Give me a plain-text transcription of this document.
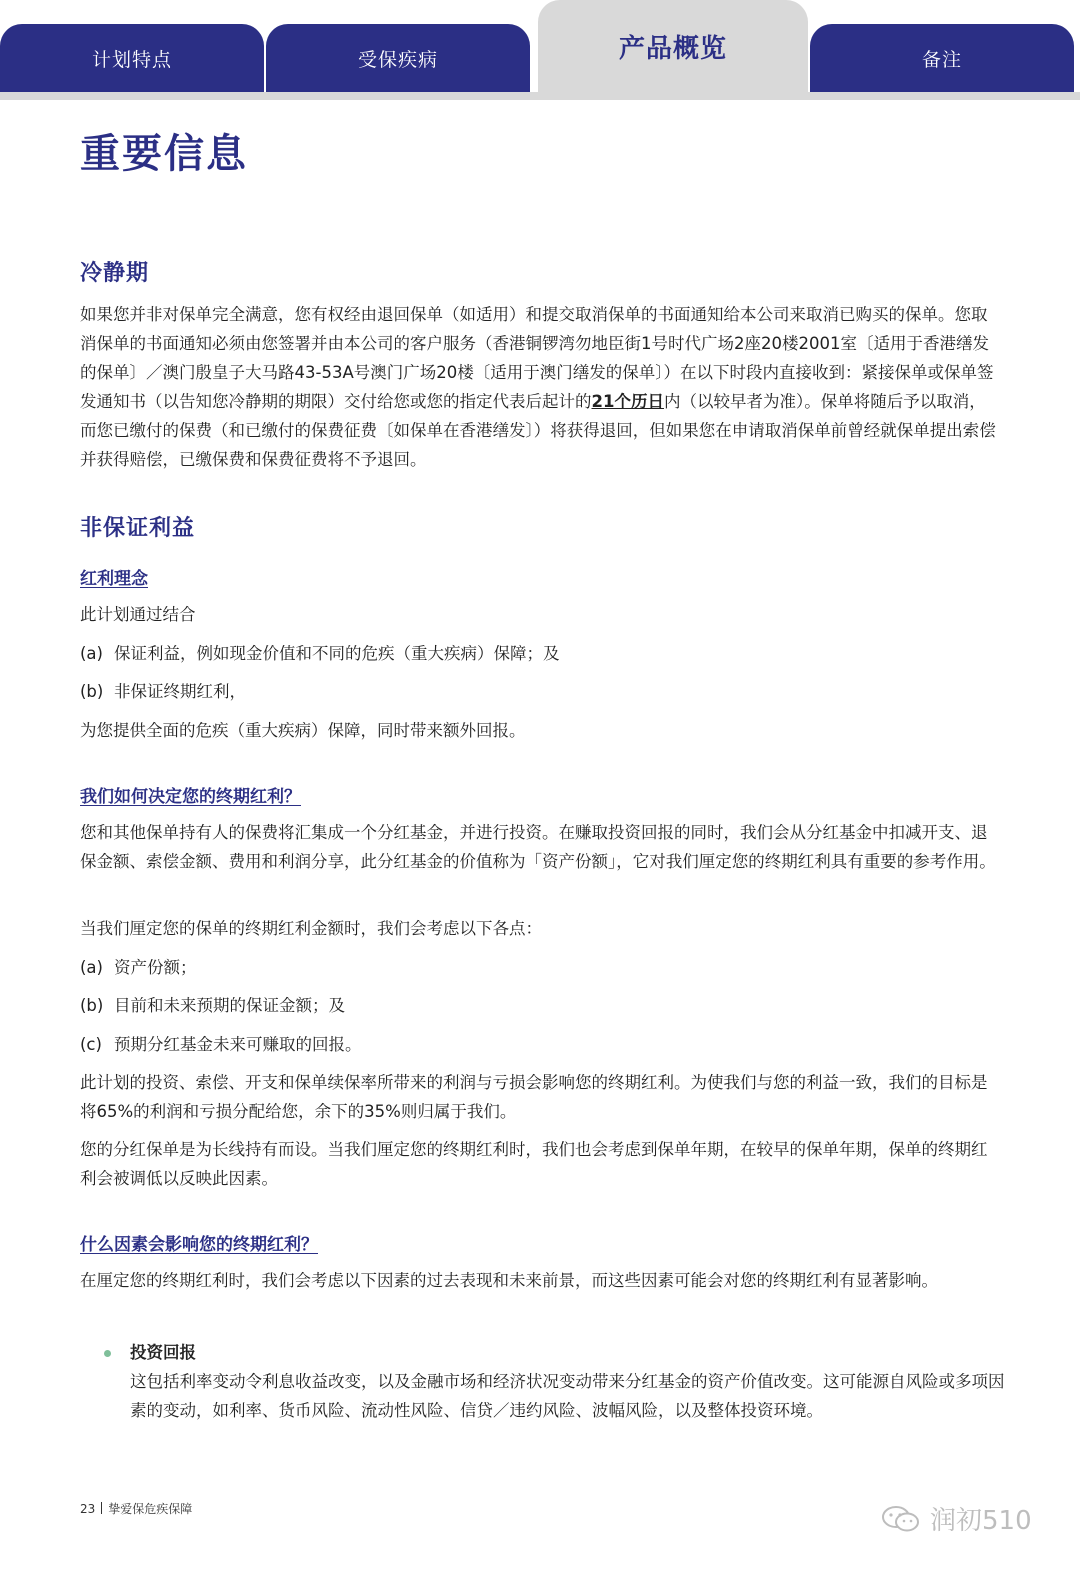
计划特点	受保疾病	产品概览	备注
重要信息
冷静期

如果您并非对保单完全满意，您有权经由退回保单（如适用）和提交取消保单的书面通知给本公司来取消已购买的保单。您取消保单的书面通知必须由您签署并由本公司的客户服务（香港铜锣湾勿地臣街1号时代广场2座20楼2001室〔适用于香港缮发的保单〕／澳门殷皇子大马路43-53A号澳门广场20楼〔适用于澳门缮发的保单〕）在以下时段内直接收到：紧接保单或保单签发通知书（以告知您冷静期的期限）交付给您或您的指定代表后起计的21个历日内（以较早者为准）。保单将随后予以取消，而您已缴付的保费（和已缴付的保费征费〔如保单在香港缮发〕）将获得退回，但如果您在申请取消保单前曾经就保单提出索偿并获得赔偿，已缴保费和保费征费将不予退回。

非保证利益
红利理念

此计划通过结合

(a) 保证利益，例如现金价值和不同的危疾（重大疾病）保障；及

(b) 非保证终期红利，

为您提供全面的危疾（重大疾病）保障，同时带来额外回报。

我们如何决定您的终期红利？

您和其他保单持有人的保费将汇集成一个分红基金，并进行投资。在赚取投资回报的同时，我们会从分红基金中扣减开支、退保金额、索偿金额、费用和利润分享，此分红基金的价值称为「资产份额」，它对我们厘定您的终期红利具有重要的参考作用。

当我们厘定您的保单的终期红利金额时，我们会考虑以下各点：

(a) 资产份额；

(b) 目前和未来预期的保证金额；及

(c) 预期分红基金未来可赚取的回报。

此计划的投资、索偿、开支和保单续保率所带来的利润与亏损会影响您的终期红利。为使我们与您的利益一致，我们的目标是将65%的利润和亏损分配给您，余下的35%则归属于我们。

您的分红保单是为长线持有而设。当我们厘定您的终期红利时，我们也会考虑到保单年期，在较早的保单年期，保单的终期红利会被调低以反映此因素。

什么因素会影响您的终期红利？

在厘定您的终期红利时，我们会考虑以下因素的过去表现和未来前景，而这些因素可能会对您的终期红利有显著影响。

投资回报

这包括利率变动令利息收益改变，以及金融市场和经济状况变动带来分红基金的资产价值改变。这可能源自风险或多项因素的变动，如利率、货币风险、流动性风险、信贷／违约风险、波幅风险，以及整体投资环境。

23 挚爱保危疾保障	润初510
